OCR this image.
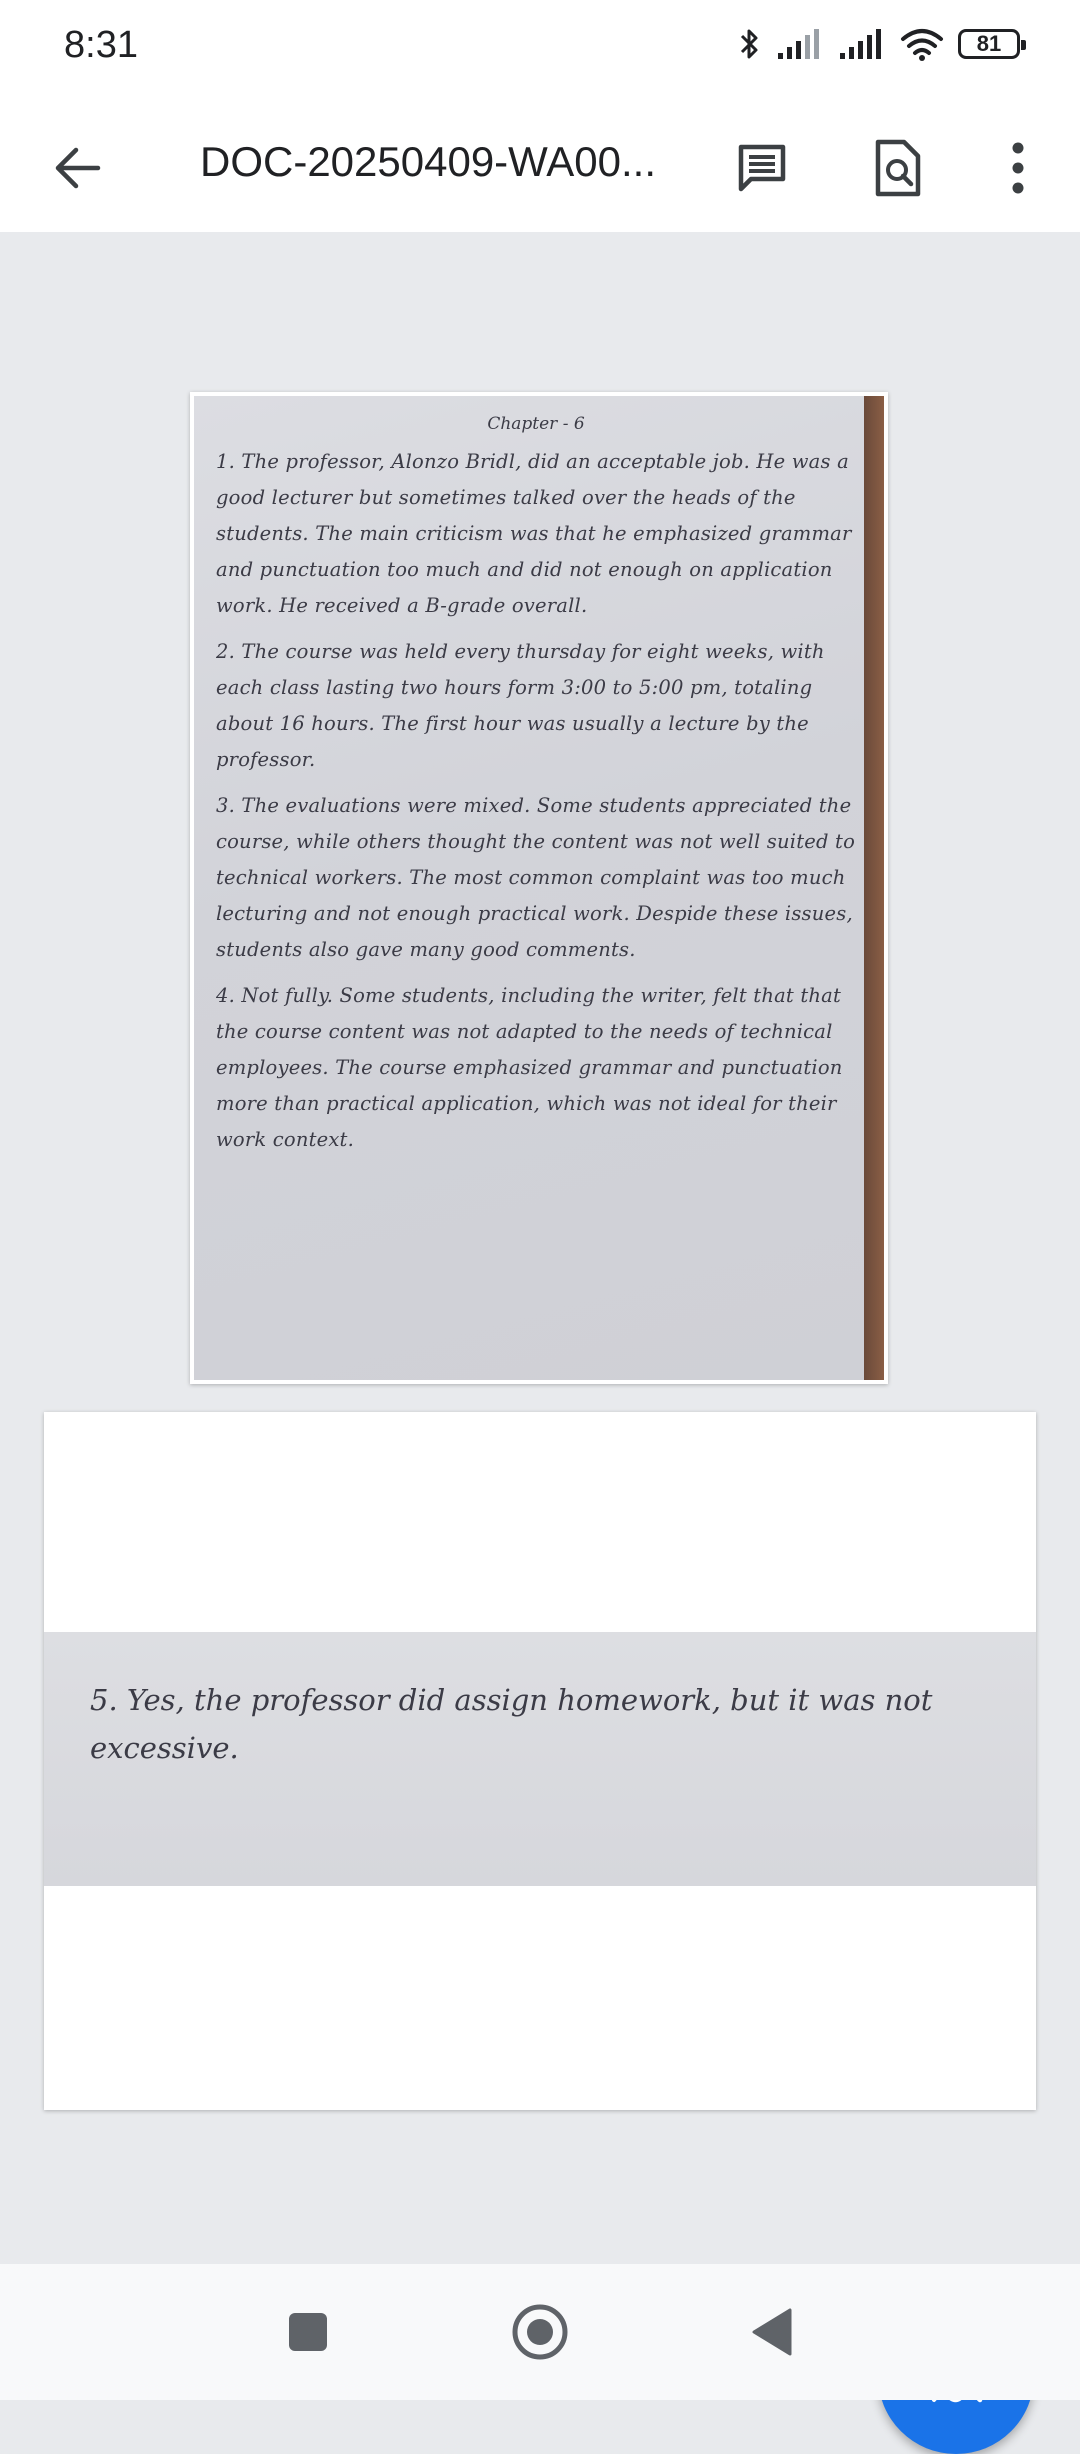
8:31	81
DOC-20250409-WA00...
Chapter - 6

1. The professor, Alonzo Bridl, did an acceptable job. He was a good lecturer but sometimes talked over the heads of the students. The main criticism was that he emphasized grammar and punctuation too much and did not enough on application work. He received a B-grade overall.

2. The course was held every thursday for eight weeks, with each class lasting two hours form 3:00 to 5:00 pm, totaling about 16 hours. The first hour was usually a lecture by the professor.

3. The evaluations were mixed. Some students appreciated the course, while others thought the content was not well suited to technical workers. The most common complaint was too much lecturing and not enough practical work. Despide these issues, students also gave many good comments.

4. Not fully. Some students, including the writer, felt that that the course content was not adapted to the needs of technical employees. The course emphasized grammar and punctuation more than practical application, which was not ideal for their work context.

5. Yes, the professor did assign homework, but it was not excessive.
